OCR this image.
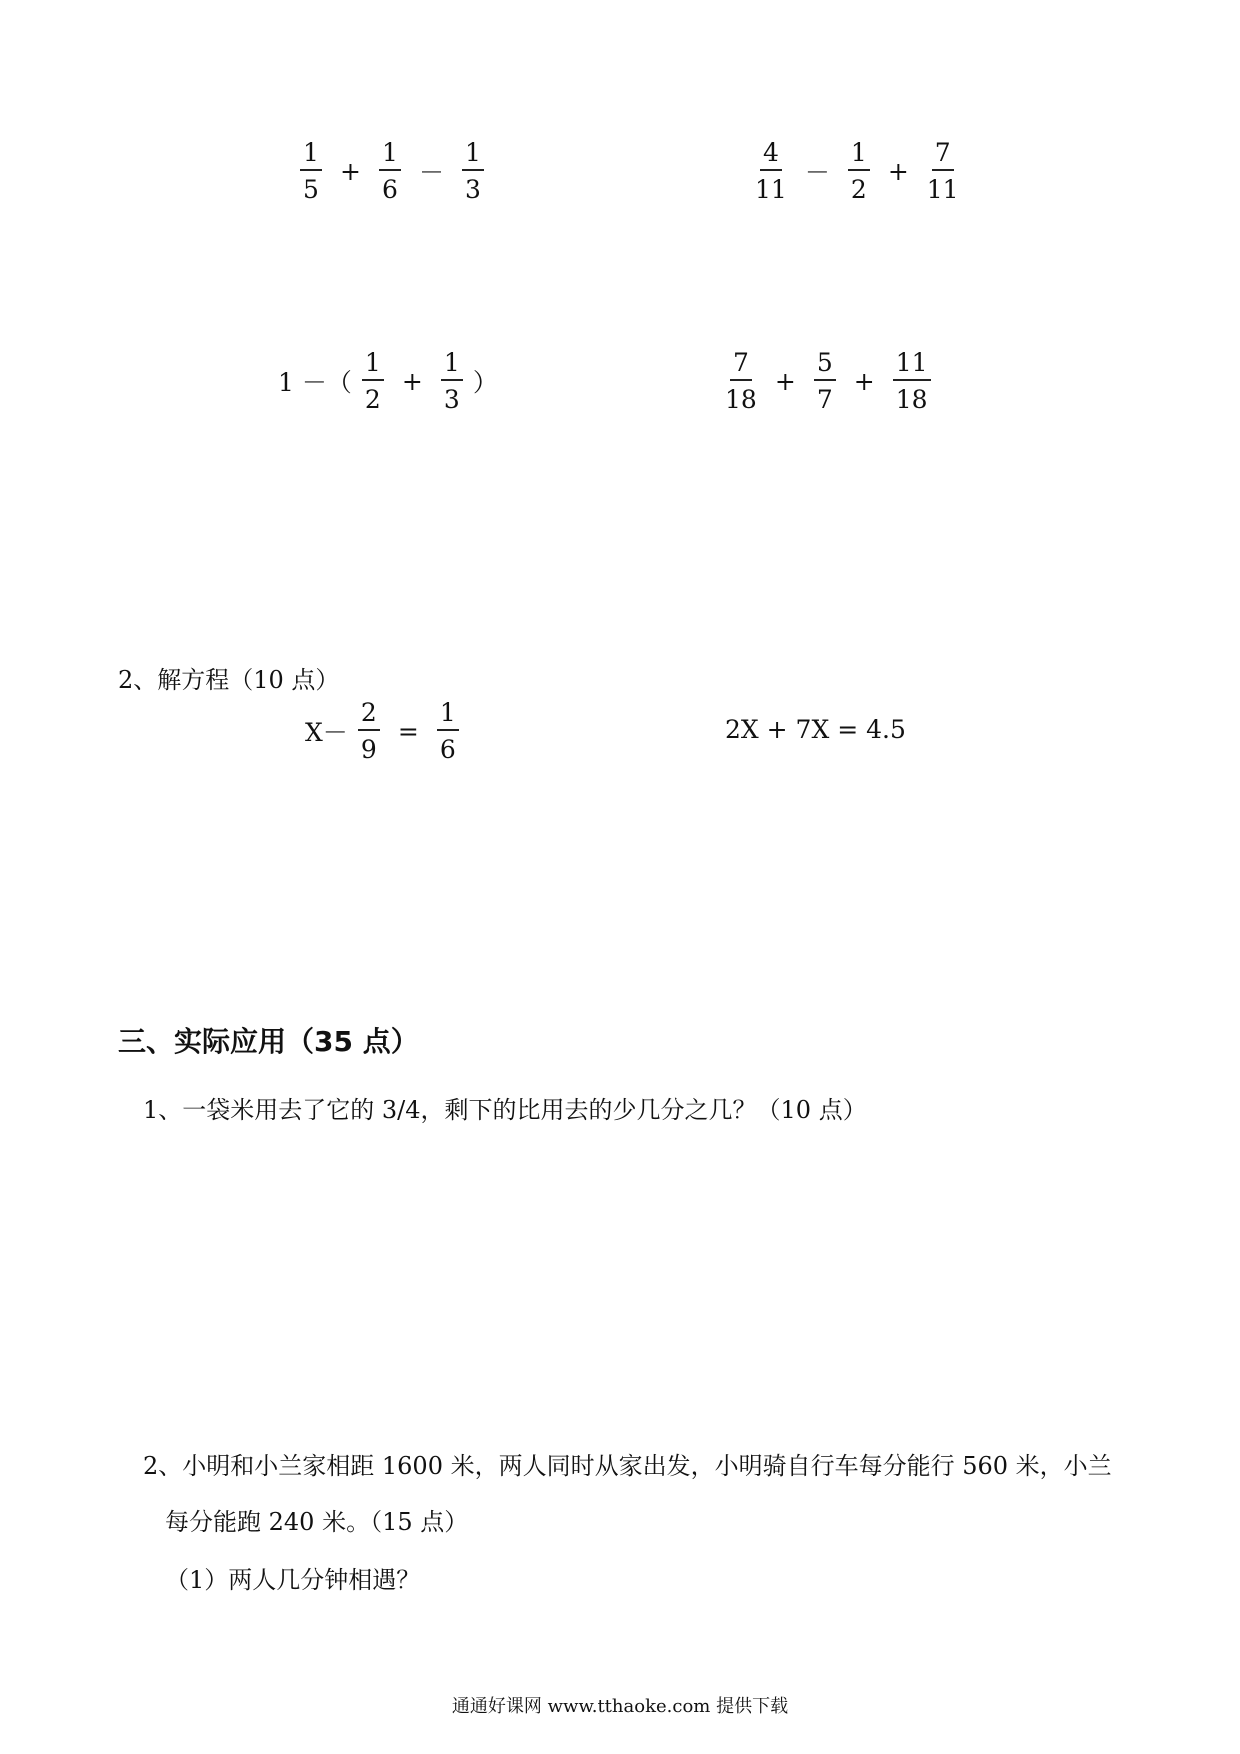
$\frac{1}{5} + \frac{1}{6} - \frac{1}{3}$	$\frac{4}{11} - \frac{1}{2} + \frac{7}{11}$
1 －（ $\frac{1}{2} + \frac{1}{3}$ ）	$\frac{7}{18} + \frac{5}{7} + \frac{11}{18}$
2、解方程（10 点）
$X- \frac{2}{9} = \frac{1}{6}$	2X + 7X = 4.5
三、实际应用（35 点）
1、一袋米用去了它的 3/4，剩下的比用去的少几分之几？（10 点）
2、小明和小兰家相距 1600 米，两人同时从家出发，小明骑自行车每分能行 560 米，小兰
每分能跑 240 米。（15 点）
（1）两人几分钟相遇？
通通好课网 www.tthaoke.com 提供下载
